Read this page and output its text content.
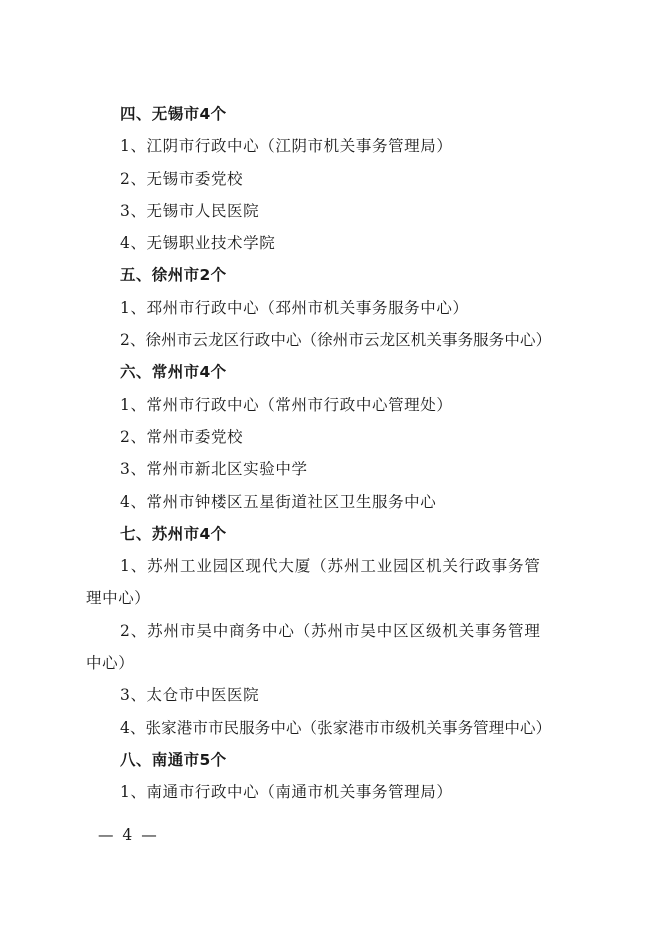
四、无锡市4个
1、江阴市行政中心（江阴市机关事务管理局）
2、无锡市委党校
3、无锡市人民医院
4、无锡职业技术学院
五、徐州市2个
1、邳州市行政中心（邳州市机关事务服务中心）
2、徐州市云龙区行政中心（徐州市云龙区机关事务服务中心）
六、常州市4个
1、常州市行政中心（常州市行政中心管理处）
2、常州市委党校
3、常州市新北区实验中学
4、常州市钟楼区五星街道社区卫生服务中心
七、苏州市4个
1、苏州工业园区现代大厦（苏州工业园区机关行政事务管
理中心）
2、苏州市吴中商务中心（苏州市吴中区区级机关事务管理
中心）
3、太仓市中医医院
4、张家港市市民服务中心（张家港市市级机关事务管理中心）
八、南通市5个
1、南通市行政中心（南通市机关事务管理局）
— 4 —
